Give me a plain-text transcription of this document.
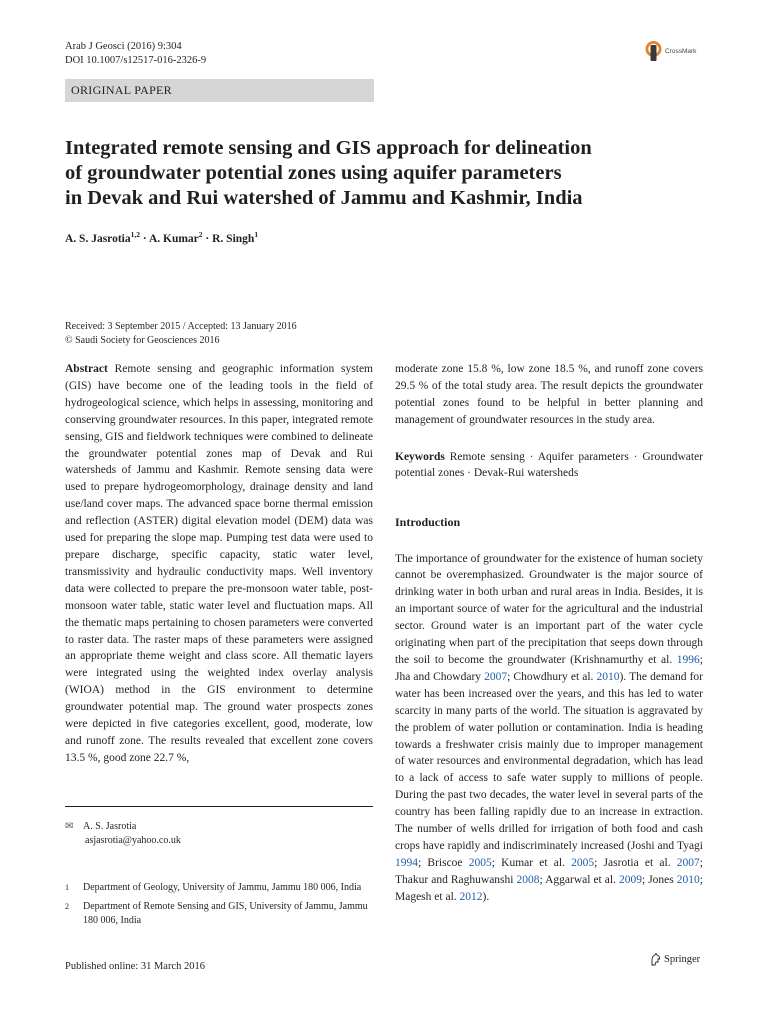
Arab J Geosci (2016) 9:304
DOI 10.1007/s12517-016-2326-9
CrossMark
ORIGINAL PAPER
Integrated remote sensing and GIS approach for delineation
of groundwater potential zones using aquifer parameters
in Devak and Rui watershed of Jammu and Kashmir, India
A. S. Jasrotia$^{1,2}$ · A. Kumar$^2$ · R. Singh$^1$
Received: 3 September 2015 / Accepted: 13 January 2016
© Saudi Society for Geosciences 2016

Abstract Remote sensing and geographic information system (GIS) have become one of the leading tools in the field of hydrogeological science, which helps in assessing, monitoring and conserving groundwater resources. In this paper, integrated remote sensing, GIS and fieldwork techniques were combined to delineate the groundwater potential zones map of Devak and Rui watersheds of Jammu and Kashmir. Remote sensing data were used to prepare hydrogeomorphology, drainage density and land use/land cover maps. The advanced space borne thermal emission and reflection (ASTER) digital elevation model (DEM) data was used for preparing the slope map. Pumping test data were used to prepare discharge, specific capacity, static water level, transmissivity and hydraulic conductivity maps. Well inventory data were collected to prepare the pre-monsoon water table, post-monsoon water table, static water level and fluctuation maps. All the thematic maps pertaining to chosen parameters were converted to raster data. The raster maps of these parameters were assigned an appropriate theme weight and class score. All thematic layers were integrated using the weighted index overlay analysis (WIOA) method in the GIS environment to determine groundwater potential map. The ground water prospects zones were depicted in five categories excellent, good, moderate, low and runoff zone. The results revealed that excellent zone covers 13.5 %, good zone 22.7 %,

moderate zone 15.8 %, low zone 18.5 %, and runoff zone covers 29.5 % of the total study area. The result depicts the groundwater potential zones found to be helpful in better planning and management of groundwater resources in the study area.

Keywords Remote sensing · Aquifer parameters · Groundwater potential zones · Devak-Rui watersheds

Introduction

The importance of groundwater for the existence of human society cannot be overemphasized. Groundwater is the major source of drinking water in both urban and rural areas in India. Besides, it is an important source of water for the agricultural and the industrial sector. Ground water is an important part of the water cycle originating when part of the precipitation that seeps down through the soil to become the groundwater (Krishnamurthy et al. 1996; Jha and Chowdary 2007; Chowdhury et al. 2010). The demand for water has been increased over the years, and this has led to water scarcity in many parts of the world. The situation is aggravated by the problem of water pollution or contamination. India is heading towards a freshwater crisis mainly due to improper management of water resources and environmental degradation, which has lead to a lack of access to safe water supply to millions of people. During the past two decades, the water level in several parts of the country has been falling rapidly due to an increase in extraction. The number of wells drilled for irrigation of both food and cash crops have rapidly and indiscriminately increased (Joshi and Tyagi 1994; Briscoe 2005; Kumar et al. 2005; Jasrotia et al. 2007; Thakur and Raghuwanshi 2008; Aggarwal et al. 2009; Jones 2010; Magesh et al. 2012).

✉ A. S. Jasrotia
asjasrotia@yahoo.co.uk
1 Department of Geology, University of Jammu, Jammu 180 006, India
2 Department of Remote Sensing and GIS, University of Jammu, Jammu 180 006, India
Published online: 31 March 2016
Springer
